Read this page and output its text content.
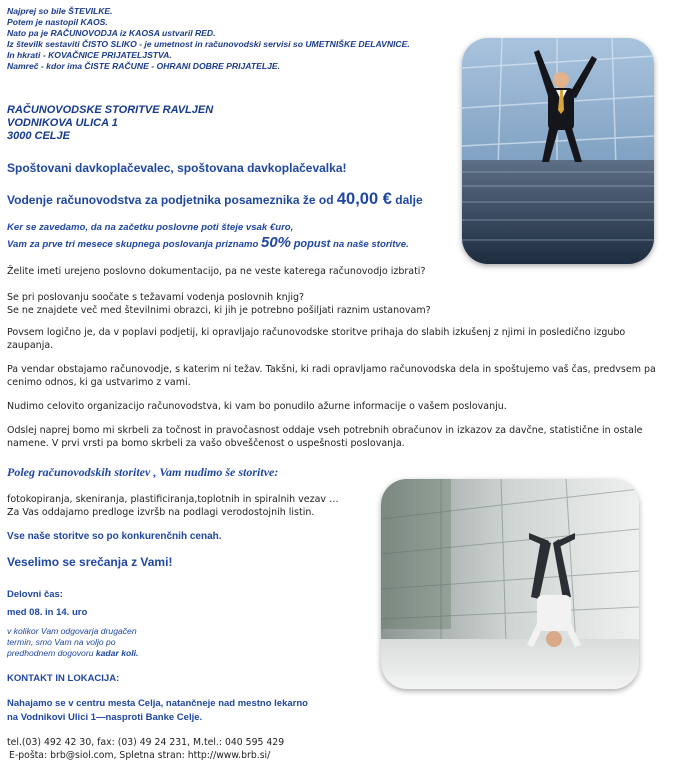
Najprej so bile ŠTEVILKE.
Potem je nastopil KAOS.
Nato pa je RAČUNOVODJA iz KAOSA ustvaril RED.
Iz številk sestaviti ČISTO SLIKO - je umetnost in računovodski servisi so UMETNIŠKE DELAVNICE.
In hkrati - KOVAČNICE PRIJATELJSTVA.
Namreč - kdor ima ČISTE RAČUNE - OHRANI DOBRE PRIJATELJE.
RAČUNOVODSKE STORITVE RAVLJEN
VODNIKOVA ULICA 1
3000 CELJE
Spoštovani davkoplačevalec, spoštovana davkoplačevalka!
Vodenje računovodstva za podjetnika posameznika že od 40,00 € dalje
Ker se zavedamo, da na začetku poslovne poti šteje vsak €uro,
Vam za prve tri mesece skupnega poslovanja priznamo 50% popust na naše storitve.
Želite imeti urejeno poslovno dokumentacijo, pa ne veste katerega računovodjo izbrati?
Se pri poslovanju soočate s težavami vodenja poslovnih knjig?
Se ne znajdete več med številnimi obrazci, ki jih je potrebno pošiljati raznim ustanovam?
Povsem logično je, da v poplavi podjetij, ki opravljajo računovodske storitve prihaja do slabih izkušenj z njimi in posledično izgubo zaupanja.
Pa vendar obstajamo računovodje, s katerim ni težav. Takšni, ki radi opravljamo računovodska dela in spoštujemo vaš čas, predvsem pa cenimo odnos, ki ga ustvarimo z vami.
Nudimo celovito organizacijo računovodstva, ki vam bo ponudilo ažurne informacije o vašem poslovanju.
Odslej naprej bomo mi skrbeli za točnost in pravočasnost oddaje vseh potrebnih obračunov in izkazov za davčne, statistične in ostale namene. V prvi vrsti pa bomo skrbeli za vašo obveščenost o uspešnosti poslovanja.
Poleg računovodskih storitev , Vam nudimo še storitve:
fotokopiranja, skeniranja, plastificiranja,toplotnih in spiralnih vezav …
Za Vas oddajamo predloge izvršb na podlagi verodostojnih listin.
Vse naše storitve so po konkurenčnih cenah.
Veselimo se srečanja z Vami!
Delovni čas:
med 08. in 14. uro
v kolikor Vam odgovarja drugačen
termin, smo Vam na voljo po
predhodnem dogovoru kadar koli.
KONTAKT IN LOKACIJA:
Nahajamo se v centru mesta Celja, natančneje nad mestno lekarno
na Vodnikovi Ulici 1—nasproti Banke Celje.
tel.(03) 492 42 30, fax: (03) 49 24 231, M.tel.: 040 595 429
E-pošta: brb@siol.com, Spletna stran: http://www.brb.si/
